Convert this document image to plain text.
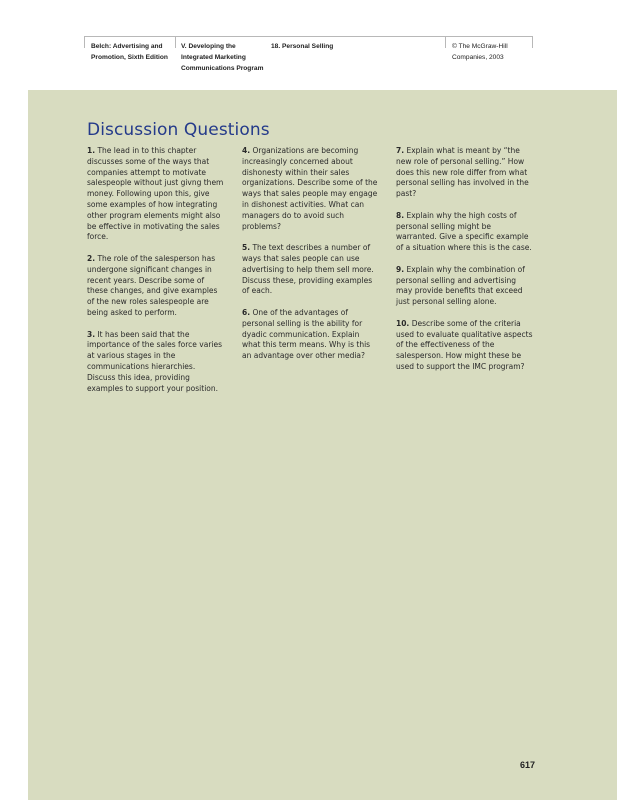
Belch: Advertising and
Promotion, Sixth Edition
V. Developing the
Integrated Marketing
Communications Program
18. Personal Selling	© The McGraw-Hill
Companies, 2003
Discussion Questions

1. The lead in to this chapter discusses some of the ways that companies attempt to motivate salespeople without just givng them money. Following upon this, give some examples of how integrating other program elements might also be effective in motivating the sales force.

2. The role of the salesperson has undergone significant changes in recent years. Describe some of these changes, and give examples of the new roles salespeople are being asked to perform.

3. It has been said that the importance of the sales force varies at various stages in the communications hierarchies. Discuss this idea, providing examples to support your position.

4. Organizations are becoming increasingly concerned about dishonesty within their sales organizations. Describe some of the ways that sales people may engage in dishonest activities. What can managers do to avoid such problems?

5. The text describes a number of ways that sales people can use advertising to help them sell more. Discuss these, providing examples of each.

6. One of the advantages of personal selling is the ability for dyadic communication. Explain what this term means. Why is this an advantage over other media?

7. Explain what is meant by “the new role of personal selling.” How does this new role differ from what personal selling has involved in the past?

8. Explain why the high costs of personal selling might be warranted. Give a specific example of a situation where this is the case.

9. Explain why the combination of personal selling and advertising may provide benefits that exceed just personal selling alone.

10. Describe some of the criteria used to evaluate qualitative aspects of the effectiveness of the salesperson. How might these be used to support the IMC program?

617
